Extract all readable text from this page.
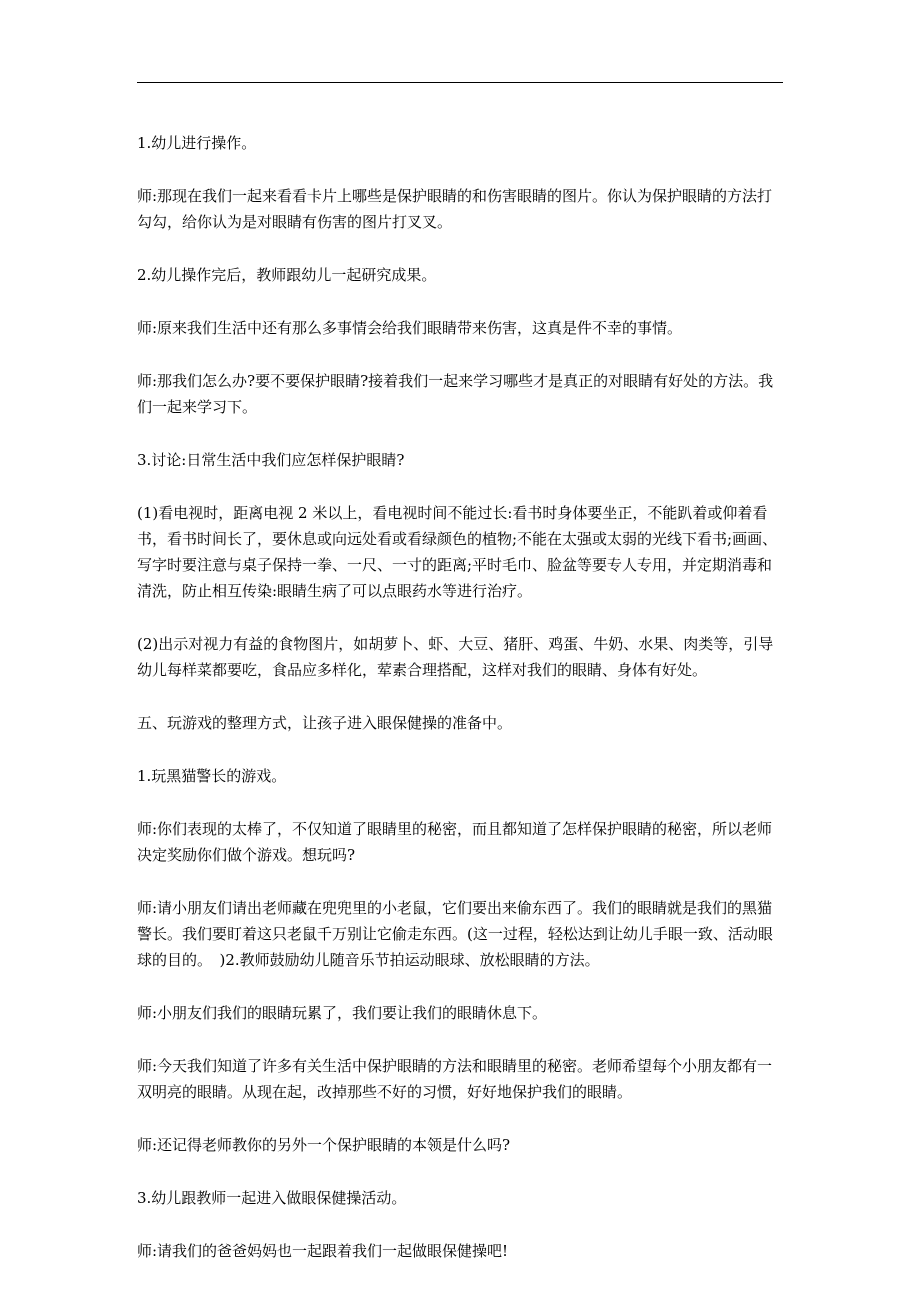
1.幼儿进行操作。

师:那现在我们一起来看看卡片上哪些是保护眼睛的和伤害眼睛的图片。你认为保护眼睛的方法打勾勾，给你认为是对眼睛有伤害的图片打叉叉。

2.幼儿操作完后，教师跟幼儿一起研究成果。

师:原来我们生活中还有那么多事情会给我们眼睛带来伤害，这真是件不幸的事情。

师:那我们怎么办?要不要保护眼睛?接着我们一起来学习哪些才是真正的对眼睛有好处的方法。我们一起来学习下。

3.讨论:日常生活中我们应怎样保护眼睛?

(1)看电视时，距离电视 2 米以上，看电视时间不能过长:看书时身体要坐正，不能趴着或仰着看书，看书时间长了，要休息或向远处看或看绿颜色的植物;不能在太强或太弱的光线下看书;画画、写字时要注意与桌子保持一拳、一尺、一寸的距离;平时毛巾、脸盆等要专人专用，并定期消毒和清洗，防止相互传染:眼睛生病了可以点眼药水等进行治疗。

(2)出示对视力有益的食物图片，如胡萝卜、虾、大豆、猪肝、鸡蛋、牛奶、水果、肉类等，引导幼儿每样菜都要吃，食品应多样化，荤素合理搭配，这样对我们的眼睛、身体有好处。

五、玩游戏的整理方式，让孩子进入眼保健操的准备中。

1.玩黑猫警长的游戏。

师:你们表现的太棒了，不仅知道了眼睛里的秘密，而且都知道了怎样保护眼睛的秘密，所以老师决定奖励你们做个游戏。想玩吗?

师:请小朋友们请出老师藏在兜兜里的小老鼠，它们要出来偷东西了。我们的眼睛就是我们的黑猫警长。我们要盯着这只老鼠千万别让它偷走东西。(这一过程，轻松达到让幼儿手眼一致、活动眼球的目的。　)2.教师鼓励幼儿随音乐节拍运动眼球、放松眼睛的方法。

师:小朋友们我们的眼睛玩累了，我们要让我们的眼睛休息下。

师:今天我们知道了许多有关生活中保护眼睛的方法和眼睛里的秘密。老师希望每个小朋友都有一双明亮的眼睛。从现在起，改掉那些不好的习惯，好好地保护我们的眼睛。

师:还记得老师教你的另外一个保护眼睛的本领是什么吗?

3.幼儿跟教师一起进入做眼保健操活动。

师:请我们的爸爸妈妈也一起跟着我们一起做眼保健操吧!
